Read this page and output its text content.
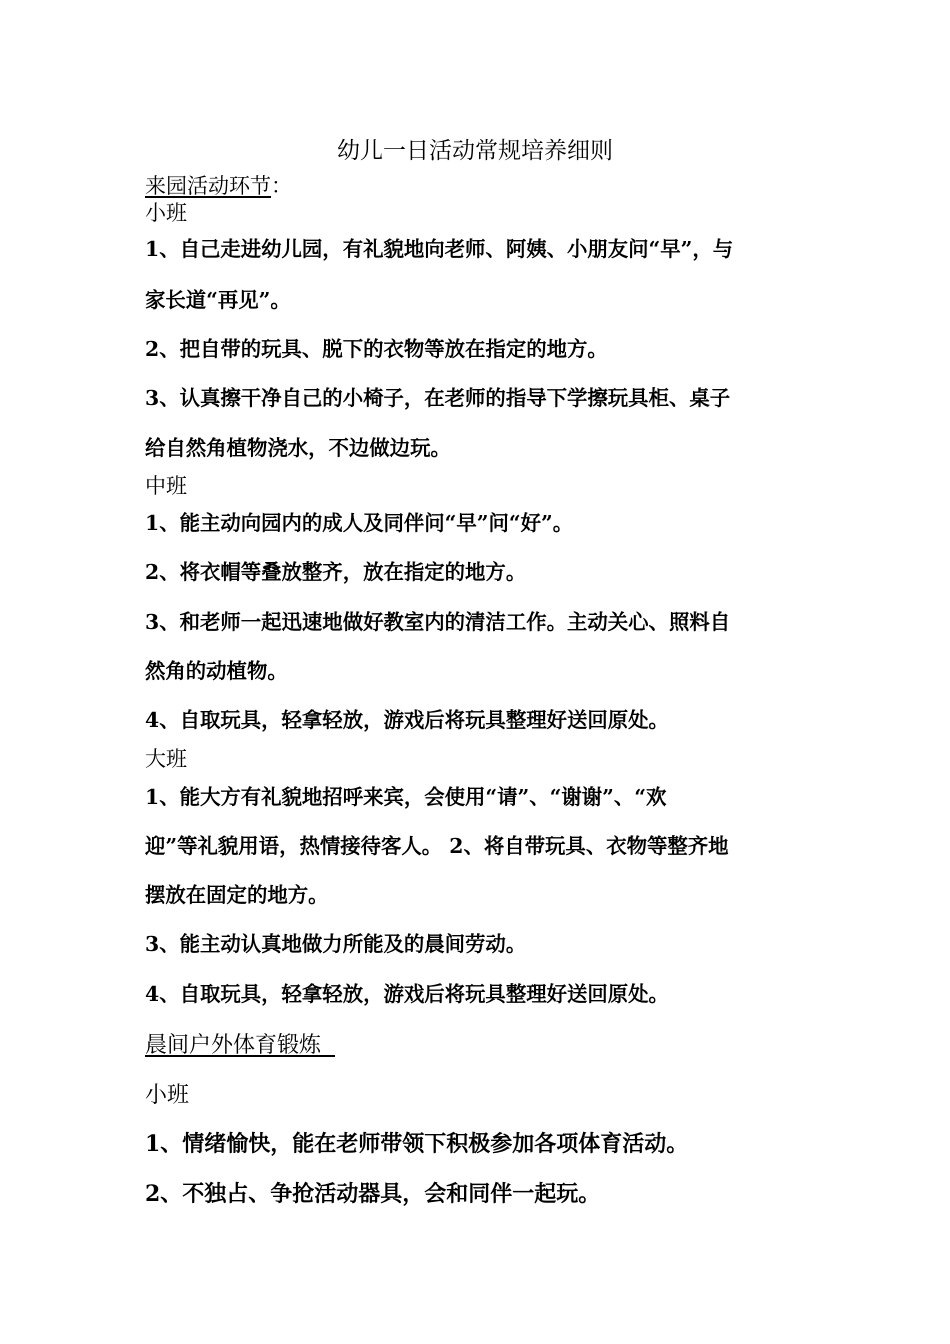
幼儿一日活动常规培养细则
来园活动环节：
小班
1、自己走进幼儿园，有礼貌地向老师、阿姨、小朋友问“早”，与
家长道“再见”。
2、把自带的玩具、脱下的衣物等放在指定的地方。
3、认真擦干净自己的小椅子，在老师的指导下学擦玩具柜、桌子
给自然角植物浇水，不边做边玩。
中班
1、能主动向园内的成人及同伴问“早”问“好”。
2、将衣帽等叠放整齐，放在指定的地方。
3、和老师一起迅速地做好教室内的清洁工作。主动关心、照料自
然角的动植物。
4、自取玩具，轻拿轻放，游戏后将玩具整理好送回原处。
大班
1、能大方有礼貌地招呼来宾，会使用“请”、“谢谢”、“欢
迎”等礼貌用语，热情接待客人。 2、将自带玩具、衣物等整齐地
摆放在固定的地方。
3、能主动认真地做力所能及的晨间劳动。
4、自取玩具，轻拿轻放，游戏后将玩具整理好送回原处。
晨间户外体育锻炼
小班
1、情绪愉快，能在老师带领下积极参加各项体育活动。
2、不独占、争抢活动器具，会和同伴一起玩。
